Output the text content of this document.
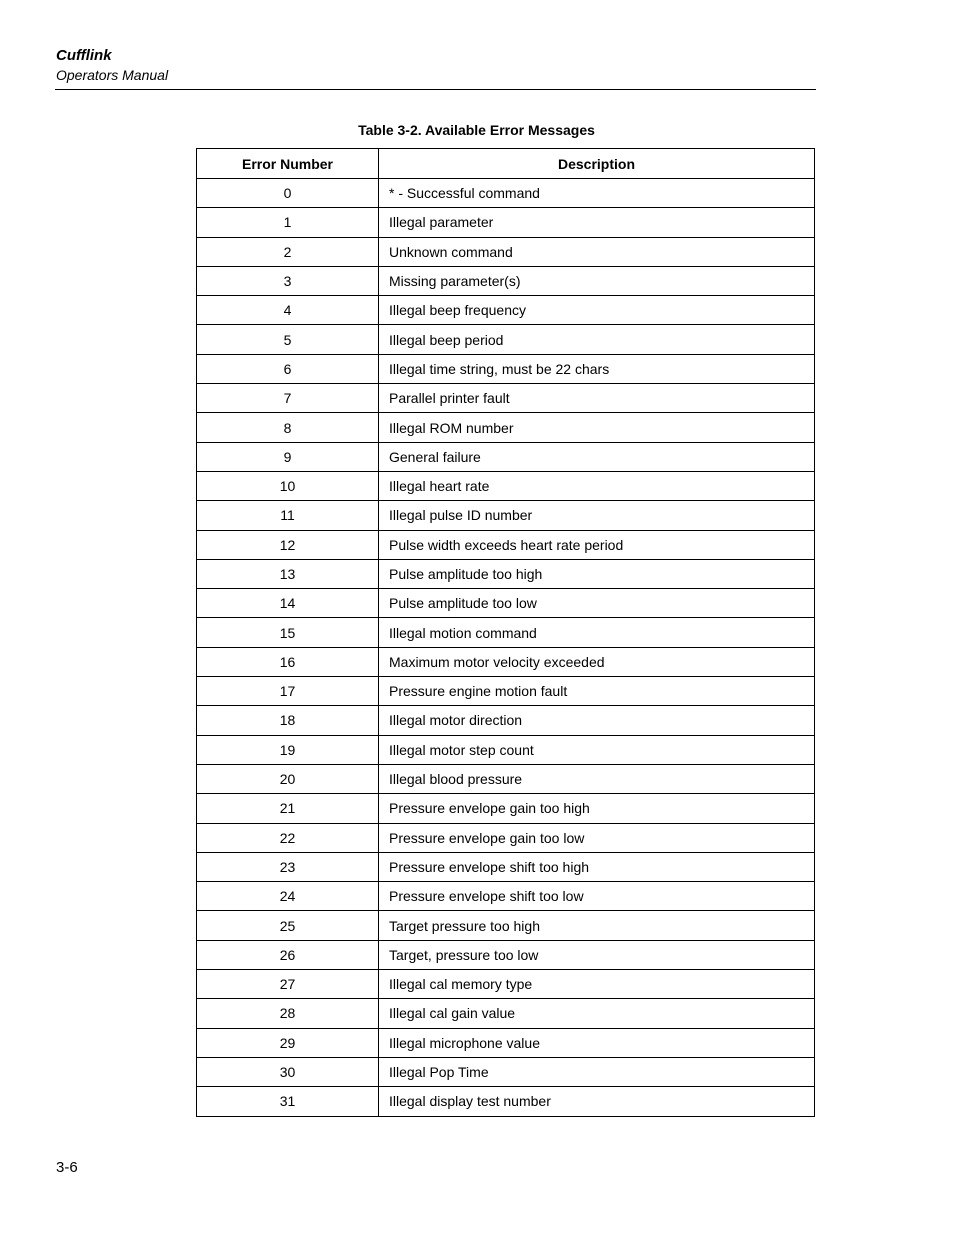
Cufflink
Operators Manual
Table 3-2. Available Error Messages
Error Number	Description
0	* - Successful command
1	Illegal parameter
2	Unknown command
3	Missing parameter(s)
4	Illegal beep frequency
5	Illegal beep period
6	Illegal time string, must be 22 chars
7	Parallel printer fault
8	Illegal ROM number
9	General failure
10	Illegal heart rate
11	Illegal pulse ID number
12	Pulse width exceeds heart rate period
13	Pulse amplitude too high
14	Pulse amplitude too low
15	Illegal motion command
16	Maximum motor velocity exceeded
17	Pressure engine motion fault
18	Illegal motor direction
19	Illegal motor step count
20	Illegal blood pressure
21	Pressure envelope gain too high
22	Pressure envelope gain too low
23	Pressure envelope shift too high
24	Pressure envelope shift too low
25	Target pressure too high
26	Target, pressure too low
27	Illegal cal memory type
28	Illegal cal gain value
29	Illegal microphone value
30	Illegal Pop Time
31	Illegal display test number
3-6
